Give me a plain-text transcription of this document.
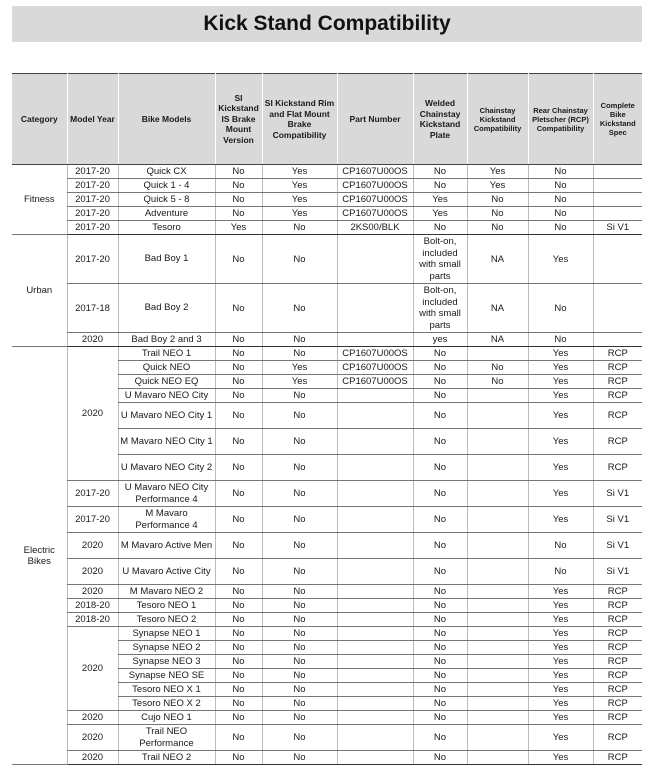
Kick Stand Compatibility
Category	Model Year	Bike Models	SI Kickstand IS Brake Mount Version	SI Kickstand Rim and Flat Mount Brake Compatibility	Part Number	Welded Chainstay Kickstand Plate	Chainstay Kickstand Compatibility	Rear Chainstay Pletscher (RCP) Compatibility	Complete Bike Kickstand Spec
Fitness	2017-20	Quick CX	No	Yes	CP1607U00OS	No	Yes	No	
	2017-20	Quick 1 - 4	No	Yes	CP1607U00OS	No	Yes	No	
	2017-20	Quick 5 - 8	No	Yes	CP1607U00OS	Yes	No	No	
	2017-20	Adventure	No	Yes	CP1607U00OS	Yes	No	No	
	2017-20	Tesoro	Yes	No	2KS00/BLK	No	No	No	Si V1
Urban	2017-20	Bad Boy 1	No	No		Bolt-on, included with small parts	NA	Yes	
	2017-18	Bad Boy 2	No	No		Bolt-on, included with small parts	NA	No	
	2020	Bad Boy 2 and 3	No	No		yes	NA	No	
Electric Bikes	2020	Trail NEO 1	No	No	CP1607U00OS	No		Yes	RCP
		Quick NEO	No	Yes	CP1607U00OS	No	No	Yes	RCP
		Quick NEO EQ	No	Yes	CP1607U00OS	No	No	Yes	RCP
		U Mavaro NEO City	No	No		No		Yes	RCP
		U Mavaro NEO City 1	No	No		No		Yes	RCP
		M Mavaro NEO City 1	No	No		No		Yes	RCP
		U Mavaro NEO City 2	No	No		No		Yes	RCP
	2017-20	U Mavaro NEO City Performance 4	No	No		No		Yes	Si V1
	2017-20	M Mavaro Performance 4	No	No		No		Yes	Si V1
	2020	M Mavaro Active Men	No	No		No		No	Si V1
	2020	U Mavaro Active City	No	No		No		No	Si V1
	2020	M Mavaro NEO 2	No	No		No		Yes	RCP
	2018-20	Tesoro NEO 1	No	No		No		Yes	RCP
	2018-20	Tesoro NEO 2	No	No		No		Yes	RCP
	2020	Synapse NEO 1	No	No		No		Yes	RCP
		Synapse NEO 2	No	No		No		Yes	RCP
		Synapse NEO 3	No	No		No		Yes	RCP
		Synapse NEO SE	No	No		No		Yes	RCP
		Tesoro NEO X 1	No	No		No		Yes	RCP
		Tesoro NEO X 2	No	No		No		Yes	RCP
	2020	Cujo NEO 1	No	No		No		Yes	RCP
	2020	Trail NEO Performance	No	No		No		Yes	RCP
	2020	Trail NEO 2	No	No		No		Yes	RCP
